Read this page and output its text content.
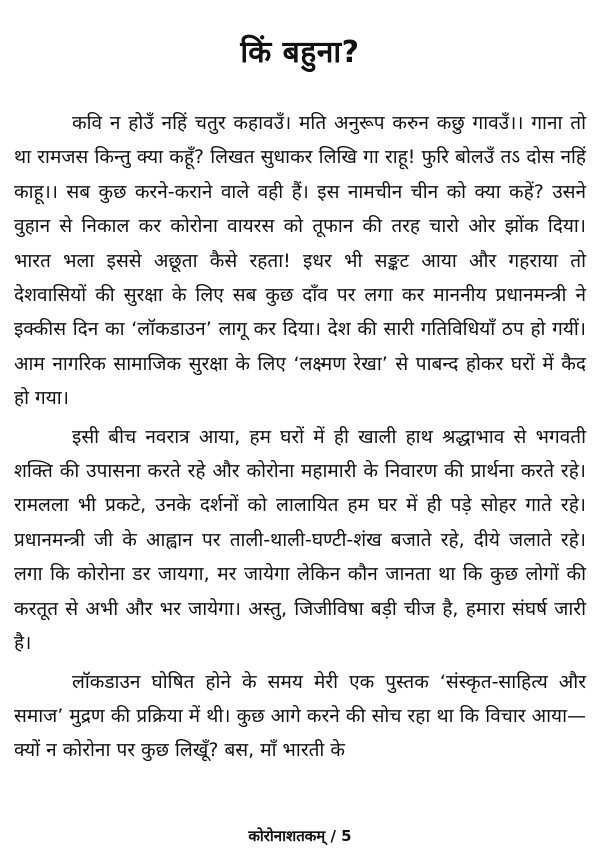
किं बहुना?

कवि न होउँ नहिं चतुर कहावउँ। मति अनुरूप करुन कछु गावउँ।। गाना तो था रामजस किन्तु क्या कहूँ? लिखत सुधाकर लिखि गा राहू! फुरि बोलउँ तऽ दोस नहिं काहू।। सब कुछ करने-कराने वाले वही हैं। इस नामचीन चीन को क्या कहें? उसने वुहान से निकाल कर कोरोना वायरस को तूफान की तरह चारो ओर झोंक दिया। भारत भला इससे अछूता कैसे रहता! इधर भी सङ्कट आया और गहराया तो देशवासियों की सुरक्षा के लिए सब कुछ दाँव पर लगा कर माननीय प्रधानमन्त्री ने इक्कीस दिन का ‘लॉकडाउन’ लागू कर दिया। देश की सारी गतिविधियाँ ठप हो गयीं। आम नागरिक सामाजिक सुरक्षा के लिए ‘लक्ष्मण रेखा’ से पाबन्द होकर घरों में कैद हो गया।

इसी बीच नवरात्र आया, हम घरों में ही खाली हाथ श्रद्धाभाव से भगवती शक्ति की उपासना करते रहे और कोरोना महामारी के निवारण की प्रार्थना करते रहे। रामलला भी प्रकटे, उनके दर्शनों को लालायित हम घर में ही पड़े सोहर गाते रहे। प्रधानमन्त्री जी के आह्वान पर ताली-थाली-घण्टी-शंख बजाते रहे, दीये जलाते रहे। लगा कि कोरोना डर जायगा, मर जायेगा लेकिन कौन जानता था कि कुछ लोगों की करतूत से अभी और भर जायेगा। अस्तु, जिजीविषा बड़ी चीज है, हमारा संघर्ष जारी है।

लॉकडाउन घोषित होने के समय मेरी एक पुस्तक ‘संस्कृत-साहित्य और समाज’ मुद्रण की प्रक्रिया में थी। कुछ आगे करने की सोच रहा था कि विचार आया— क्यों न कोरोना पर कुछ लिखूँ? बस, माँ भारती के

कोरोनाशतकम् / 5
